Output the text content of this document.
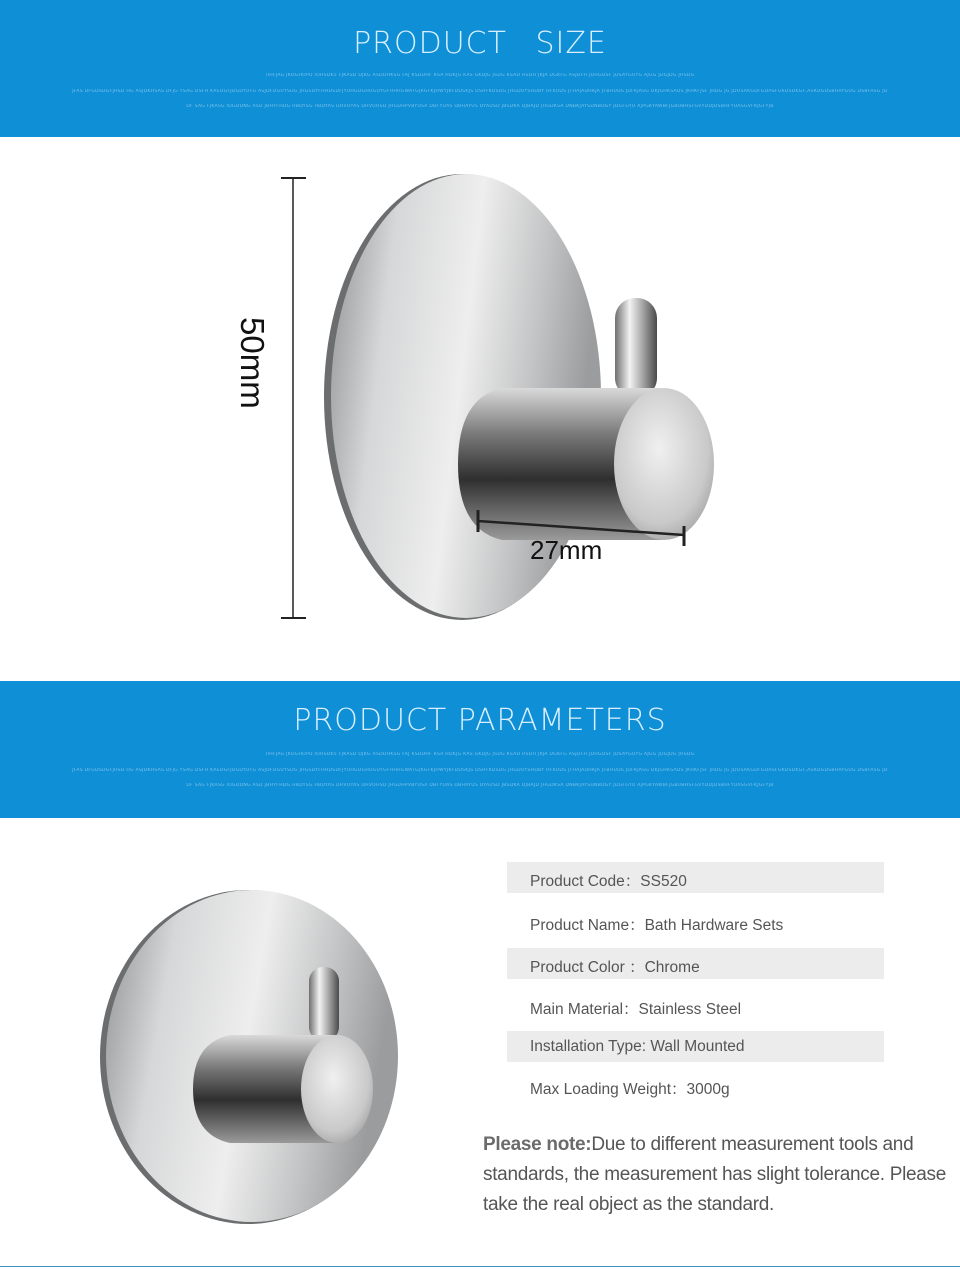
PRODUCT SIZE
ЛНFJAG JKOGHOPD IOHSDK5 FJKASD DJKG ASDDHKSG FAJ KSDDHF KSA HDKJG KAS GKDJG JSDG KSAD HSDH JKJA DGKFG ASJDFH JDHGDSF JDSAYGUYG AJGG JDGJDG JHSDG
JFAS DFGDSDGFJHSD HG ASJDKHSAS DFJG YSAG DSFH KAEDGFJDGDYUFG ASJDFDGUYSDG JHGSDYFHHDSDFJYUHGDGHUGUYGFHHHGWATGJKGFKJHWYJKFDDSKJS DSHFKDSDG JHGDUYSHDBY HFKUDS JFHAJADHKJA JFBHUDS JDFKJASG DKJGHKSADS JKHKFJSF JHDG JG JDOSAKGDFGDASFGKDSDKGF,ASKDGDSBHAYGUG DSBFASG JD
DF SAG FJKASG IOGDDNG ASD JBHYFHDG HBDYSG HBDYAS DHVUYAS DHVOHSD JHGDHPVBYUSA DBFYUAS DBHAYUS DYAUSD JBSDKA DJBAJD JHGDKSA DNBKJAYSDNBDGY JDGFGYU AJPGKYAWBFJGBUBHSFGVYDDJDSBHFYUASGVFKJGFYJB
50mm
27mm
PRODUCT PARAMETERS
ЛНFJAG JKOGHOPD IOHSDK5 FJKASD DJKG ASDDHKSG FAJ KSDDHF KSA HDKJG KAS GKDJG JSDG KSAD HSDH JKJA DGKFG ASJDFH JDHGDSF JDSAYGUYG AJGG JDGJDG JHSDG
JFAS DFGDSDGFJHSD HG ASJDKHSAS DFJG YSAG DSFH KAEDGFJDGDYUFG ASJDFDGUYSDG JHGSDYFHHDSDFJYUHGDGHUGUYGFHHHGWATGJKGFKJHWYJKFDDSKJS DSHFKDSDG JHGDUYSHDBY HFKUDS JFHAJADHKJA JFBHUDS JDFKJASG DKJGHKSADS JKHKFJSF JHDG JG JDOSAKGDFGDASFGKDSDKGF,ASKDGDSBHAYGUG DSBFASG JD
DF SAG FJKASG IOGDDNG ASD JBHYFHDG HBDYSG HBDYAS DHVUYAS DHVOHSD JHGDHPVBYUSA DBFYUAS DBHAYUS DYAUSD JBSDKA DJBAJD JHGDKSA DNBKJAYSDNBDGY JDGFGYU AJPGKYAWBFJGBUBHSFGVYDDJDSBHFYUASGVFKJGFYJB
Product Code：SS520
Product Name：Bath Hardware Sets
Product Color ：Chrome
Main Material：Stainless Steel
Installation Type: Wall Mounted
Max Loading Weight：3000g
Please note:Due to different measurement tools and standards, the measurement has slight tolerance. Please take the real object as the standard.
